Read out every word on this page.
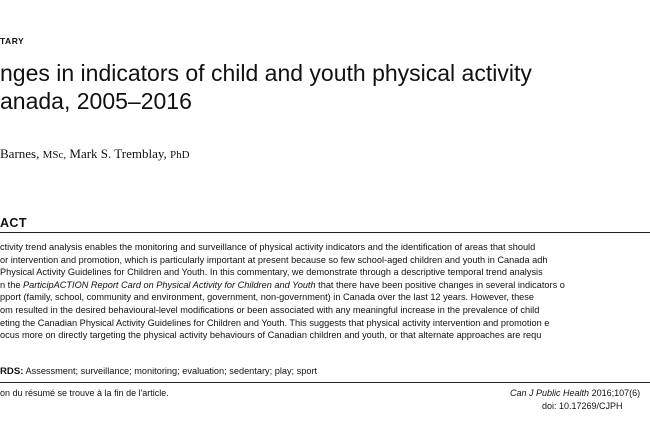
TARY
nges in indicators of child and youth physical activity
anada, 2005–2016
Barnes, MSc, Mark S. Tremblay, PhD
ACT
ctivity trend analysis enables the monitoring and surveillance of physical activity indicators and the identification of areas that should
or intervention and promotion, which is particularly important at present because so few school-aged children and youth in Canada adh
Physical Activity Guidelines for Children and Youth. In this commentary, we demonstrate through a descriptive temporal trend analysis
n the ParticipACTION Report Card on Physical Activity for Children and Youth that there have been positive changes in several indicators o
pport (family, school, community and environment, government, non-government) in Canada over the last 12 years. However, these
om resulted in the desired behavioural-level modifications or been associated with any meaningful increase in the prevalence of child
eting the Canadian Physical Activity Guidelines for Children and Youth. This suggests that physical activity intervention and promotion e
ocus more on directly targeting the physical activity behaviours of Canadian children and youth, or that alternate approaches are requ
RDS: Assessment; surveillance; monitoring; evaluation; sedentary; play; sport
on du résumé se trouve à la fin de l'article.	Can J Public Health 2016;107(6)
doi: 10.17269/CJPH
